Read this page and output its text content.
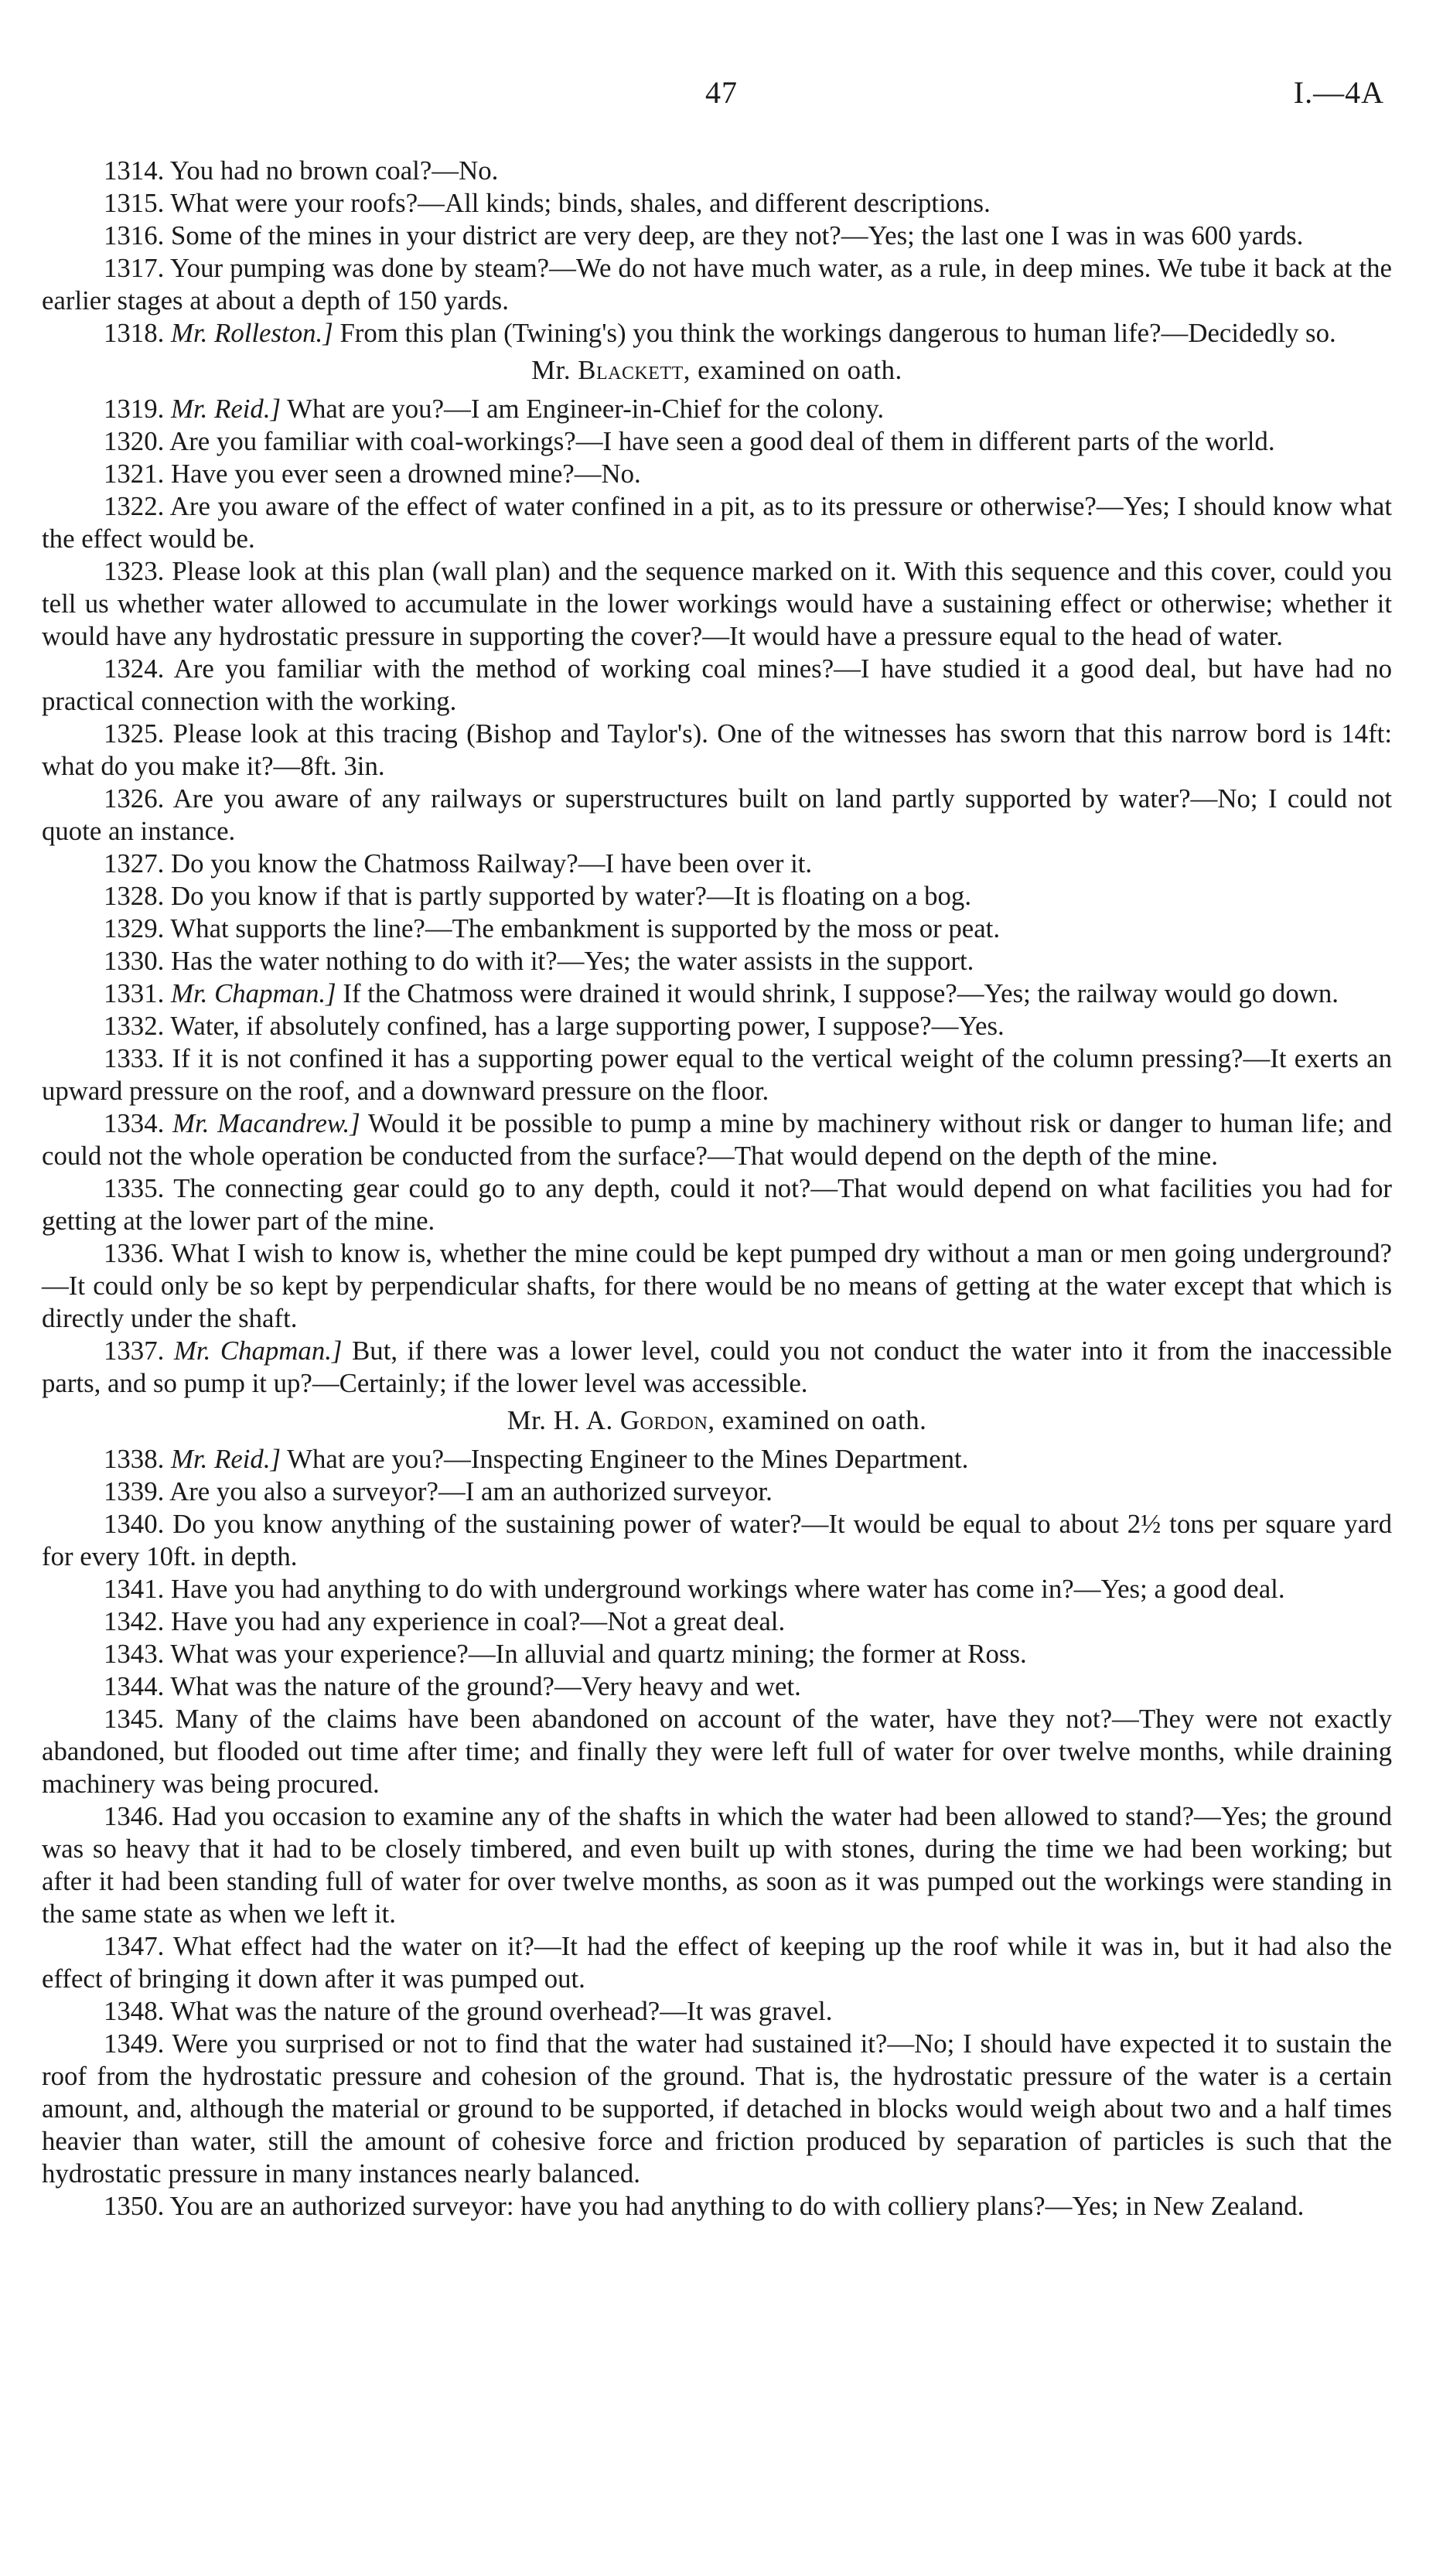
47	I.—4A

1314. You had no brown coal?—No.

1315. What were your roofs?—All kinds; binds, shales, and different descriptions.

1316. Some of the mines in your district are very deep, are they not?—Yes; the last one I was in was 600 yards.

1317. Your pumping was done by steam?—We do not have much water, as a rule, in deep mines. We tube it back at the earlier stages at about a depth of 150 yards.

1318. Mr. Rolleston.] From this plan (Twining's) you think the workings dangerous to human life?—Decidedly so.

Mr. Blackett, examined on oath.

1319. Mr. Reid.] What are you?—I am Engineer-in-Chief for the colony.

1320. Are you familiar with coal-workings?—I have seen a good deal of them in different parts of the world.

1321. Have you ever seen a drowned mine?—No.

1322. Are you aware of the effect of water confined in a pit, as to its pressure or otherwise?—Yes; I should know what the effect would be.

1323. Please look at this plan (wall plan) and the sequence marked on it. With this sequence and this cover, could you tell us whether water allowed to accumulate in the lower workings would have a sustaining effect or otherwise; whether it would have any hydrostatic pressure in supporting the cover?—It would have a pressure equal to the head of water.

1324. Are you familiar with the method of working coal mines?—I have studied it a good deal, but have had no practical connection with the working.

1325. Please look at this tracing (Bishop and Taylor's). One of the witnesses has sworn that this narrow bord is 14ft: what do you make it?—8ft. 3in.

1326. Are you aware of any railways or superstructures built on land partly supported by water?—No; I could not quote an instance.

1327. Do you know the Chatmoss Railway?—I have been over it.

1328. Do you know if that is partly supported by water?—It is floating on a bog.

1329. What supports the line?—The embankment is supported by the moss or peat.

1330. Has the water nothing to do with it?—Yes; the water assists in the support.

1331. Mr. Chapman.] If the Chatmoss were drained it would shrink, I suppose?—Yes; the railway would go down.

1332. Water, if absolutely confined, has a large supporting power, I suppose?—Yes.

1333. If it is not confined it has a supporting power equal to the vertical weight of the column pressing?—It exerts an upward pressure on the roof, and a downward pressure on the floor.

1334. Mr. Macandrew.] Would it be possible to pump a mine by machinery without risk or danger to human life; and could not the whole operation be conducted from the surface?—That would depend on the depth of the mine.

1335. The connecting gear could go to any depth, could it not?—That would depend on what facilities you had for getting at the lower part of the mine.

1336. What I wish to know is, whether the mine could be kept pumped dry without a man or men going underground?—It could only be so kept by perpendicular shafts, for there would be no means of getting at the water except that which is directly under the shaft.

1337. Mr. Chapman.] But, if there was a lower level, could you not conduct the water into it from the inaccessible parts, and so pump it up?—Certainly; if the lower level was accessible.

Mr. H. A. Gordon, examined on oath.

1338. Mr. Reid.] What are you?—Inspecting Engineer to the Mines Department.

1339. Are you also a surveyor?—I am an authorized surveyor.

1340. Do you know anything of the sustaining power of water?—It would be equal to about 2½ tons per square yard for every 10ft. in depth.

1341. Have you had anything to do with underground workings where water has come in?—Yes; a good deal.

1342. Have you had any experience in coal?—Not a great deal.

1343. What was your experience?—In alluvial and quartz mining; the former at Ross.

1344. What was the nature of the ground?—Very heavy and wet.

1345. Many of the claims have been abandoned on account of the water, have they not?—They were not exactly abandoned, but flooded out time after time; and finally they were left full of water for over twelve months, while draining machinery was being procured.

1346. Had you occasion to examine any of the shafts in which the water had been allowed to stand?—Yes; the ground was so heavy that it had to be closely timbered, and even built up with stones, during the time we had been working; but after it had been standing full of water for over twelve months, as soon as it was pumped out the workings were standing in the same state as when we left it.

1347. What effect had the water on it?—It had the effect of keeping up the roof while it was in, but it had also the effect of bringing it down after it was pumped out.

1348. What was the nature of the ground overhead?—It was gravel.

1349. Were you surprised or not to find that the water had sustained it?—No; I should have expected it to sustain the roof from the hydrostatic pressure and cohesion of the ground. That is, the hydrostatic pressure of the water is a certain amount, and, although the material or ground to be supported, if detached in blocks would weigh about two and a half times heavier than water, still the amount of cohesive force and friction produced by separation of particles is such that the hydrostatic pressure in many instances nearly balanced.

1350. You are an authorized surveyor: have you had anything to do with colliery plans?—Yes; in New Zealand.
